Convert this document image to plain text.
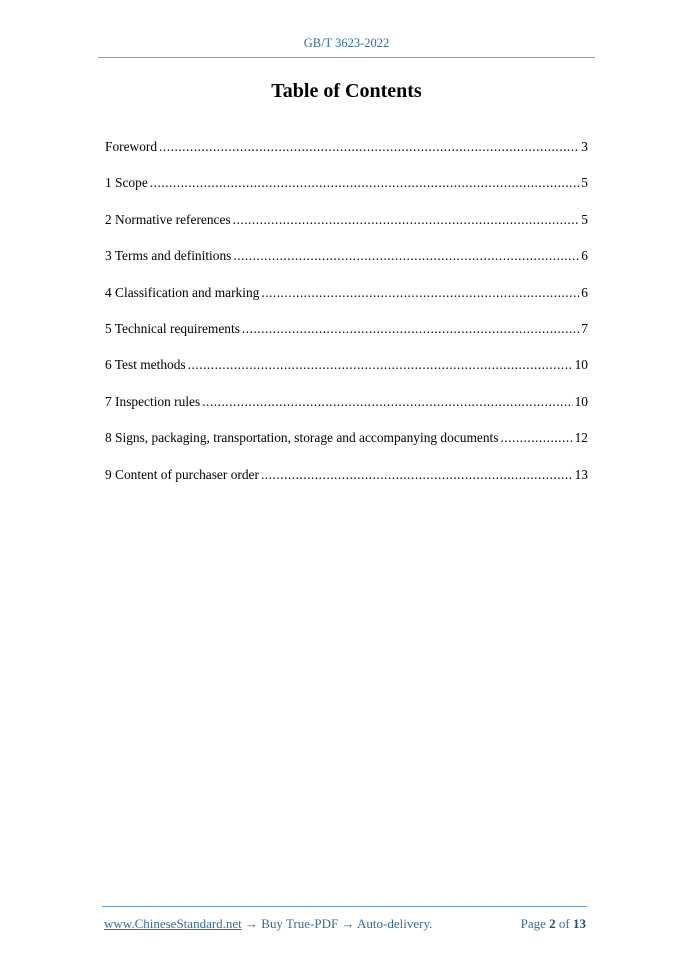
GB/T 3623-2022
Table of Contents
Foreword .....	3
1 Scope .....	5
2 Normative references .....	5
3 Terms and definitions .....	6
4 Classification and marking .....	6
5 Technical requirements .....	7
6 Test methods .....	10
7 Inspection rules .....	10
8 Signs, packaging, transportation, storage and accompanying documents .....	12
9 Content of purchaser order .....	13
www.ChineseStandard.net → Buy True-PDF → Auto-delivery.	Page 2 of 13
